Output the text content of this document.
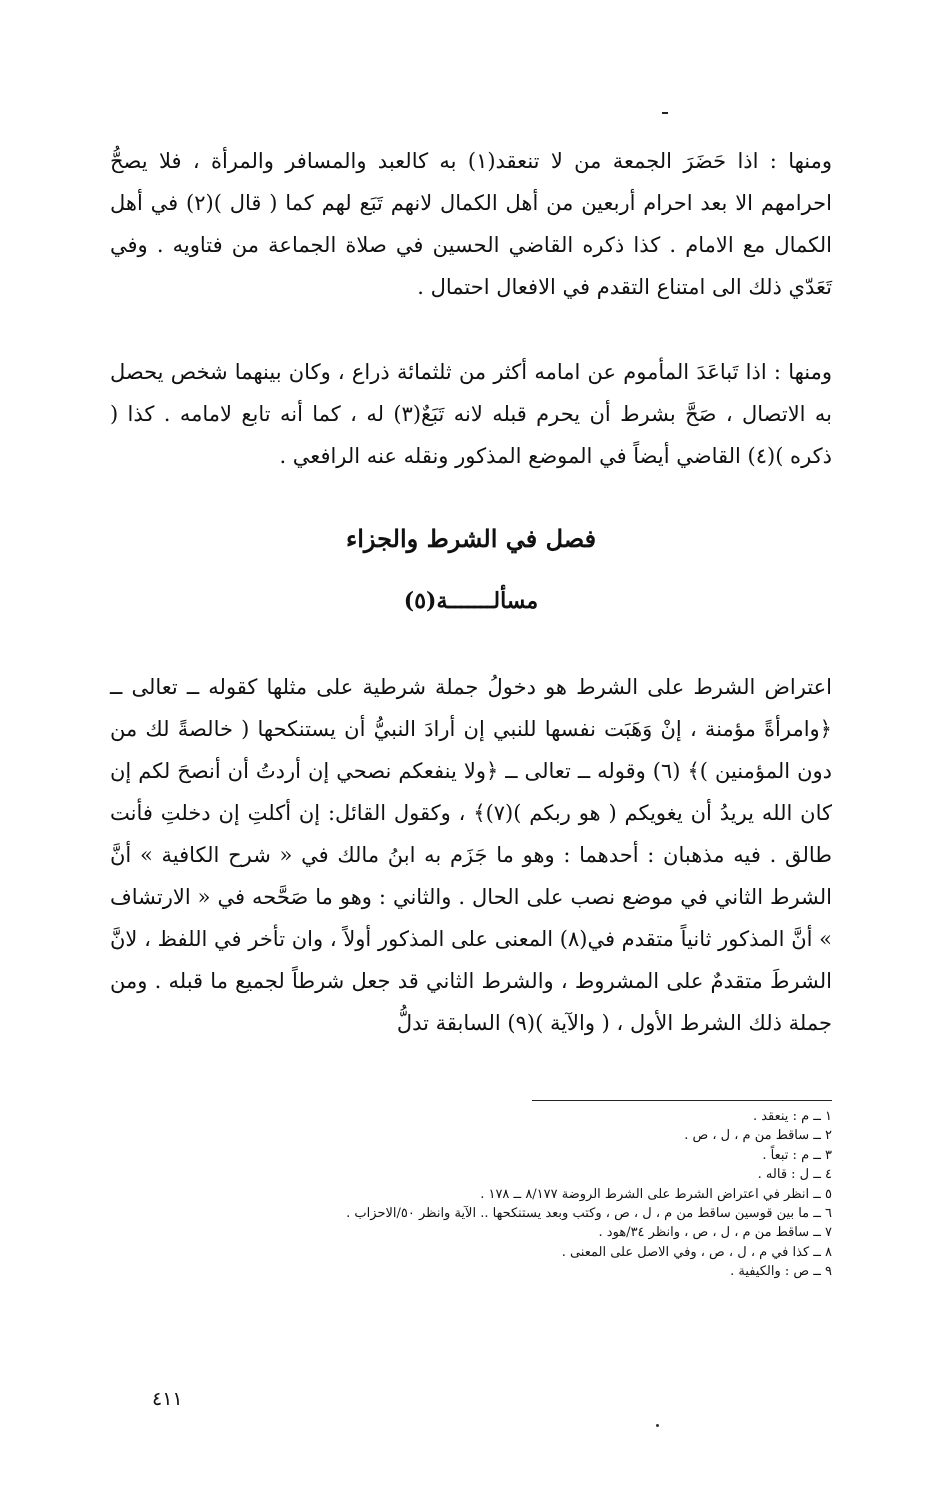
ومنها : اذا حَضَرَ الجمعة من لا تنعقد(١) به كالعبد والمسافر والمرأة ، فلا يصحُّ احرامهم الا بعد احرام أربعين من أهل الكمال لانهم تَبَع لهم كما ( قال )(٢) في أهل الكمال مع الامام . كذا ذكره القاضي الحسين في صلاة الجماعة من فتاويه . وفي تَعَدّي ذلك الى امتناع التقدم في الافعال احتمال .

ومنها : اذا تَباعَدَ المأموم عن امامه أكثر من ثلثمائة ذراع ، وكان بينهما شخص يحصل به الاتصال ، صَحَّ بشرط أن يحرم قبله لانه تَبَعٌ(٣) له ، كما أنه تابع لامامه . كذا ( ذكره )(٤) القاضي أيضاً في الموضع المذكور ونقله عنه الرافعي .

فصل في الشرط والجزاء
مسألـــــــة(٥)

اعتراض الشرط على الشرط هو دخولُ جملة شرطية على مثلها كقوله ــ تعالى ــ ﴿وامرأةً مؤمنة ، إنْ وَهَبَت نفسها للنبي إن أرادَ النبيُّ أن يستنكحها ( خالصةً لك من دون المؤمنين )﴾ (٦) وقوله ــ تعالى ــ ﴿ولا ينفعكم نصحي إن أردتُ أن أنصحَ لكم إن كان الله يريدُ أن يغويكم ( هو ربكم )(٧)﴾ ، وكقول القائل: إن أكلتِ إن دخلتِ فأنت طالق . فيه مذهبان : أحدهما : وهو ما جَزَم به ابنُ مالك في « شرح الكافية » أنَّ الشرط الثاني في موضع نصب على الحال . والثاني : وهو ما صَحَّحه في « الارتشاف » أنَّ المذكور ثانياً متقدم في(٨) المعنى على المذكور أولاً ، وان تأخر في اللفظ ، لانَّ الشرطَ متقدمٌ على المشروط ، والشرط الثاني قد جعل شرطاً لجميع ما قبله . ومن جملة ذلك الشرط الأول ، ( والآية )(٩) السابقة تدلُّ

١ ــ م : ينعقد .
٢ ــ ساقط من م ، ل ، ص .
٣ ــ م : تبعاً .
٤ ــ ل : قاله .
٥ ــ انظر في اعتراض الشرط على الشرط الروضة ٨/١٧٧ ــ ١٧٨ .
٦ ــ ما بين قوسين ساقط من م ، ل ، ص ، وكتب وبعد يستنكحها .. الآية وانظر ٥٠/الاحزاب .
٧ ــ ساقط من م ، ل ، ص ، وانظر ٣٤/هود .
٨ ــ كذا في م ، ل ، ص ، وفي الاصل على المعنى .
٩ ــ ص : والكيفية .
٤١١
